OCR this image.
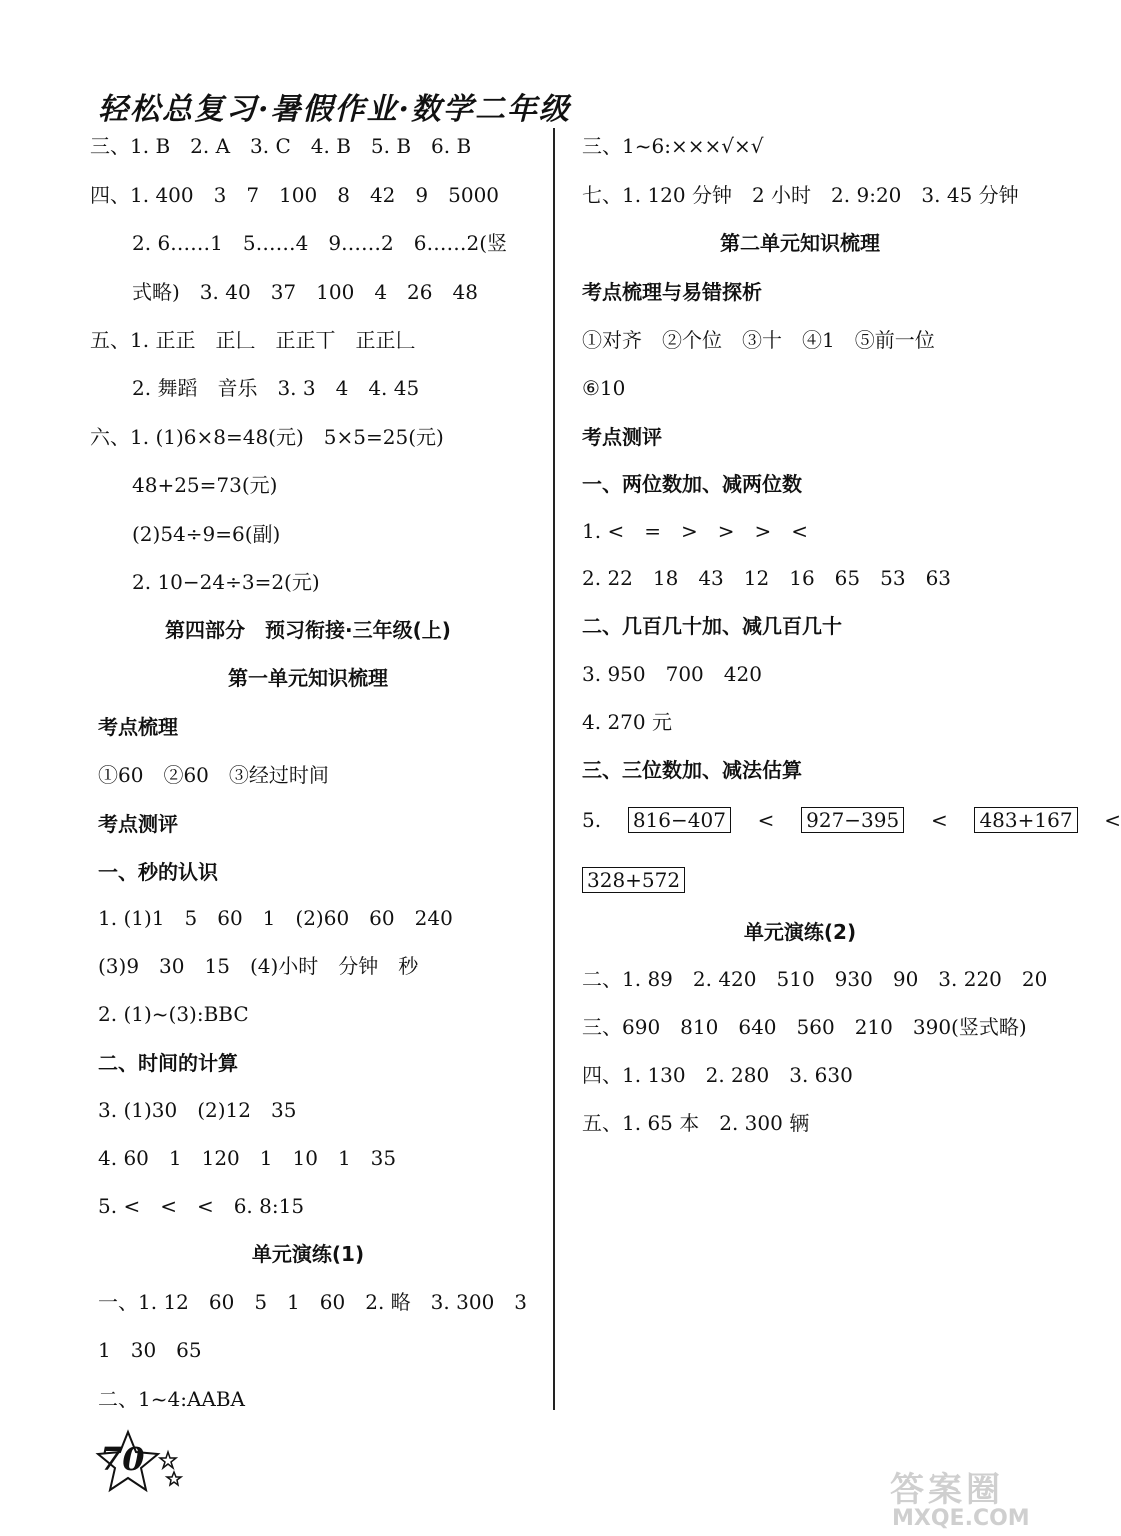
轻松总复习·暑假作业·数学二年级
三、1. B　2. A　3. C　4. B　5. B　6. B
四、1. 400　3　7　100　8　42　9　5000
2. 6……1　5……4　9……2　6……2(竖
式略)　3. 40　37　100　4　26　48
五、1. 正正　正𠃊　正正丅　正正𠃊
2. 舞蹈　音乐　3. 3　4　4. 45
六、1. (1)6×8=48(元)　5×5=25(元)
48+25=73(元)
(2)54÷9=6(副)
2. 10−24÷3=2(元)
第四部分　预习衔接·三年级(上)
第一单元知识梳理
考点梳理
①60　②60　③经过时间
考点测评
一、秒的认识
1. (1)1　5　60　1　(2)60　60　240
(3)9　30　15　(4)小时　分钟　秒
2. (1)~(3):BBC
二、时间的计算
3. (1)30　(2)12　35
4. 60　1　120　1　10　1　35
5. <　<　<　6. 8:15
单元演练(1)
一、1. 12　60　5　1　60　2. 略　3. 300　3
1　30　65
二、1~4:AABA
三、1~6:×××√×√
七、1. 120 分钟　2 小时　2. 9:20　3. 45 分钟
第二单元知识梳理
考点梳理与易错探析
①对齐　②个位　③十　④1　⑤前一位
⑥10
考点测评
一、两位数加、减两位数
1. <　=　>　>　>　<
2. 22　18　43　12　16　65　53　63
二、几百几十加、减几百几十
3. 950　700　420
4. 270 元
三、三位数加、减法估算
5. 816−407 < 927−395 < 483+167 <
328+572
单元演练(2)
二、1. 89　2. 420　510　930　90　3. 220　20
三、690　810　640　560　210　390(竖式略)
四、1. 130　2. 280　3. 630
五、1. 65 本　2. 300 辆
70
答案圈
MXQE.COM
